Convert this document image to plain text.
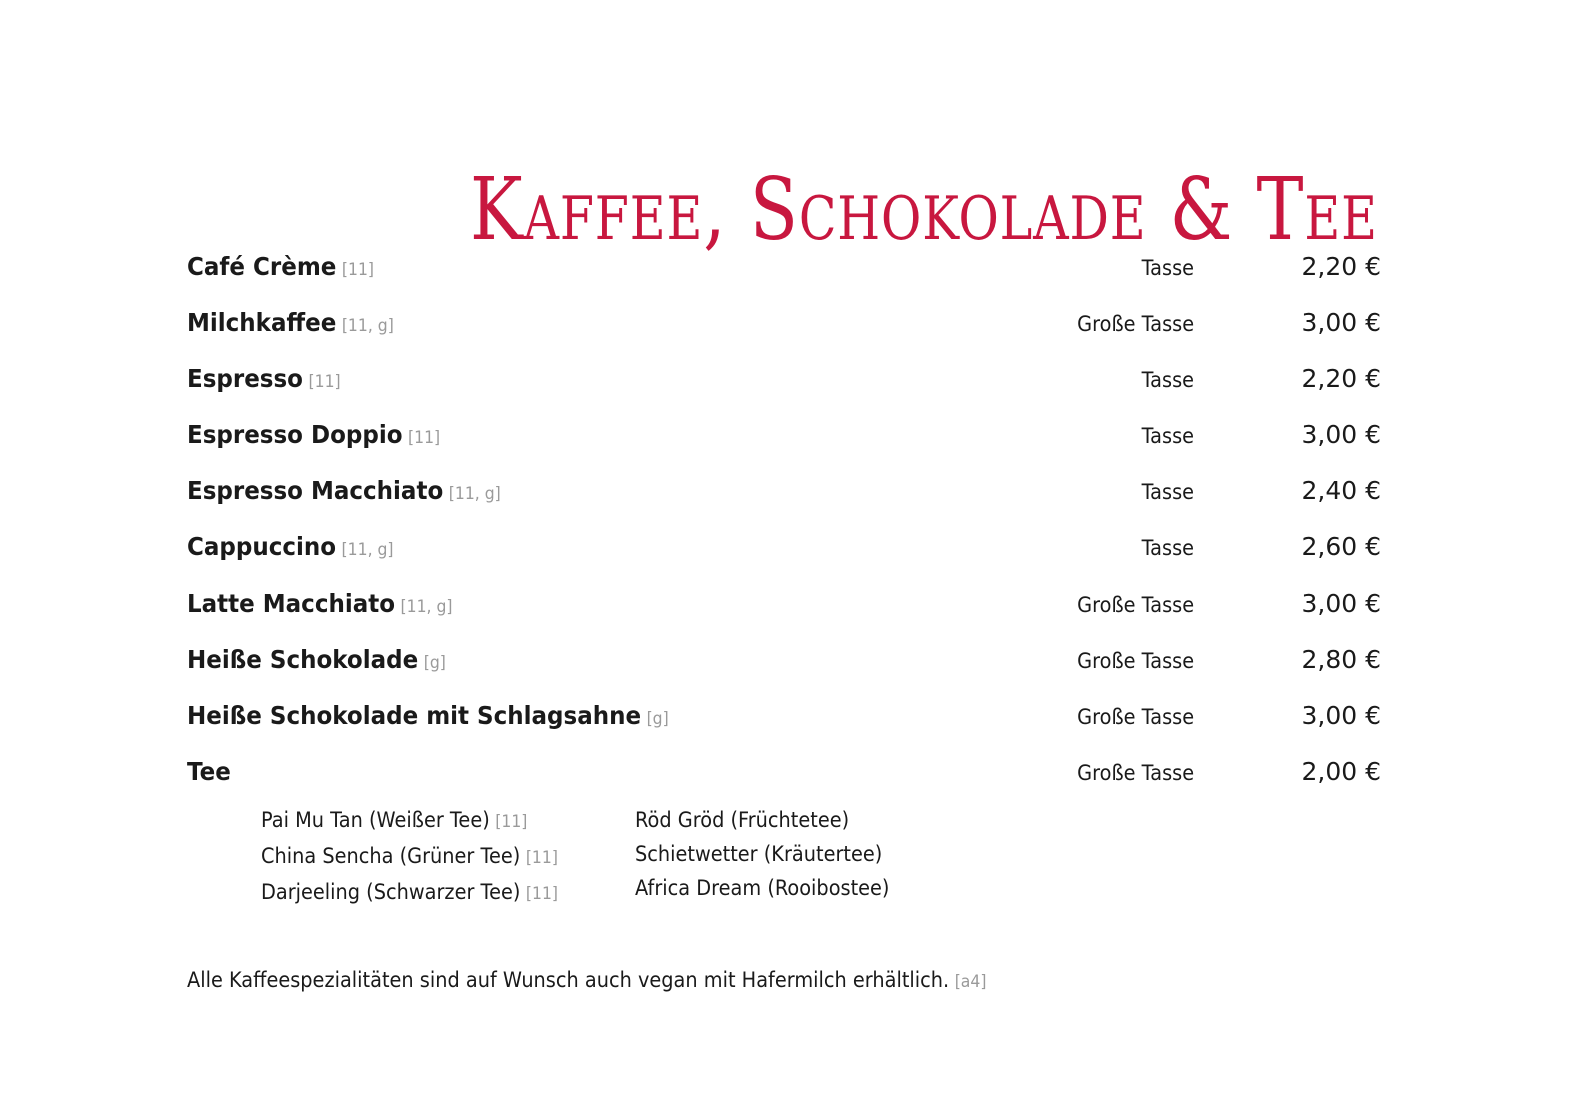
Kaffee, Schokolade & Tee
Café Crème [11]	Tasse	2,20 €
Milchkaffee [11, g]	Große Tasse	3,00 €
Espresso [11]	Tasse	2,20 €
Espresso Doppio [11]	Tasse	3,00 €
Espresso Macchiato [11, g]	Tasse	2,40 €
Cappuccino [11, g]	Tasse	2,60 €
Latte Macchiato [11, g]	Große Tasse	3,00 €
Heiße Schokolade [g]	Große Tasse	2,80 €
Heiße Schokolade mit Schlagsahne [g]	Große Tasse	3,00 €
Tee	Große Tasse	2,00 €
Pai Mu Tan (Weißer Tee) [11]
China Sencha (Grüner Tee) [11]
Darjeeling (Schwarzer Tee) [11]
Röd Gröd (Früchtetee)
Schietwetter (Kräutertee)
Africa Dream (Rooibostee)
Alle Kaffeespezialitäten sind auf Wunsch auch vegan mit Hafermilch erhältlich. [a4]
